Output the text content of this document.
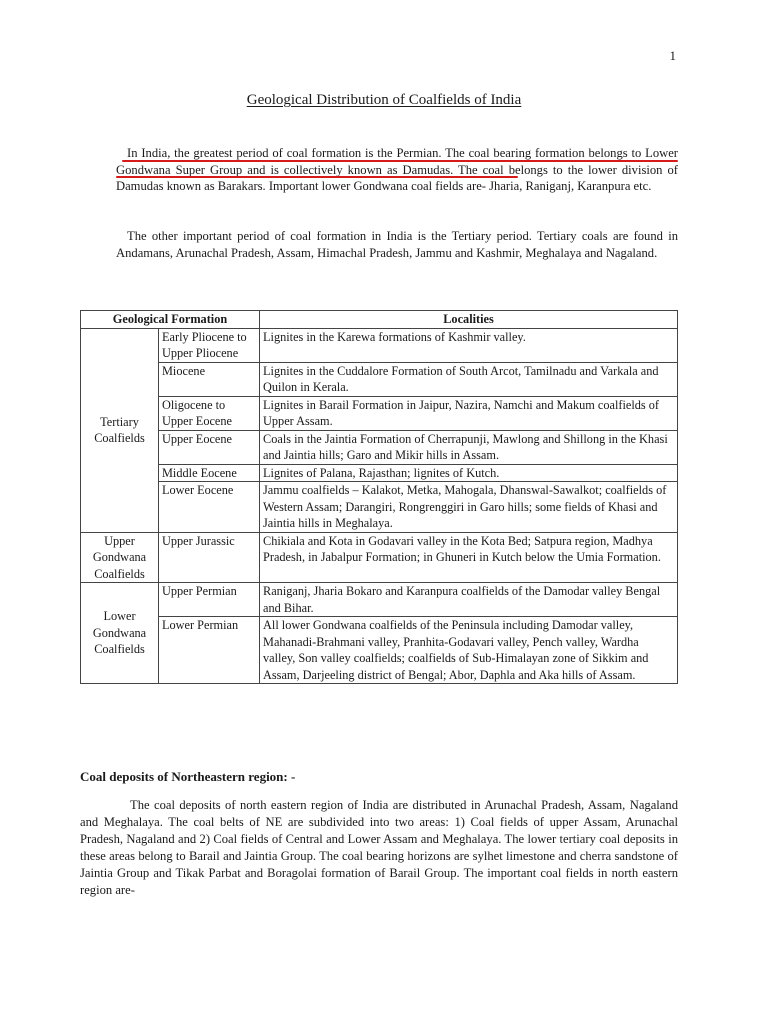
1
Geological Distribution of Coalfields of India

In India, the greatest period of coal formation is the Permian. The coal bearing formation belongs to Lower Gondwana Super Group and is collectively known as Damudas. The coal belongs to the lower division of Damudas known as Barakars. Important lower Gondwana coal fields are- Jharia, Raniganj, Karanpura etc.

The other important period of coal formation in India is the Tertiary period. Tertiary coals are found in Andamans, Arunachal Pradesh, Assam, Himachal Pradesh, Jammu and Kashmir, Meghalaya and Nagaland.

Geological Formation		Localities
Tertiary Coalfields	Early Pliocene to Upper Pliocene	Lignites in the Karewa formations of Kashmir valley.
	Miocene	Lignites in the Cuddalore Formation of South Arcot, Tamilnadu and Varkala and Quilon in Kerala.
	Oligocene to Upper Eocene	Lignites in Barail Formation in Jaipur, Nazira, Namchi and Makum coalfields of Upper Assam.
	Upper Eocene	Coals in the Jaintia Formation of Cherrapunji, Mawlong and Shillong in the Khasi and Jaintia hills; Garo and Mikir hills in Assam.
	Middle Eocene	Lignites of Palana, Rajasthan; lignites of Kutch.
	Lower Eocene	Jammu coalfields – Kalakot, Metka, Mahogala, Dhanswal-Sawalkot; coalfields of Western Assam; Darangiri, Rongrenggiri in Garo hills; some fields of Khasi and Jaintia hills in Meghalaya.
Upper Gondwana Coalfields	Upper Jurassic	Chikiala and Kota in Godavari valley in the Kota Bed; Satpura region, Madhya Pradesh, in Jabalpur Formation; in Ghuneri in Kutch below the Umia Formation.
Lower Gondwana Coalfields	Upper Permian	Raniganj, Jharia Bokaro and Karanpura coalfields of the Damodar valley Bengal and Bihar.
	Lower Permian	All lower Gondwana coalfields of the Peninsula including Damodar valley, Mahanadi-Brahmani valley, Pranhita-Godavari valley, Pench valley, Wardha valley, Son valley coalfields; coalfields of Sub-Himalayan zone of Sikkim and Assam, Darjeeling district of Bengal; Abor, Daphla and Aka hills of Assam.
Coal deposits of Northeastern region: -

The coal deposits of north eastern region of India are distributed in Arunachal Pradesh, Assam, Nagaland and Meghalaya. The coal belts of NE are subdivided into two areas: 1) Coal fields of upper Assam, Arunachal Pradesh, Nagaland and 2) Coal fields of Central and Lower Assam and Meghalaya. The lower tertiary coal deposits in these areas belong to Barail and Jaintia Group. The coal bearing horizons are sylhet limestone and cherra sandstone of Jaintia Group and Tikak Parbat and Boragolai formation of Barail Group. The important coal fields in north eastern region are-
